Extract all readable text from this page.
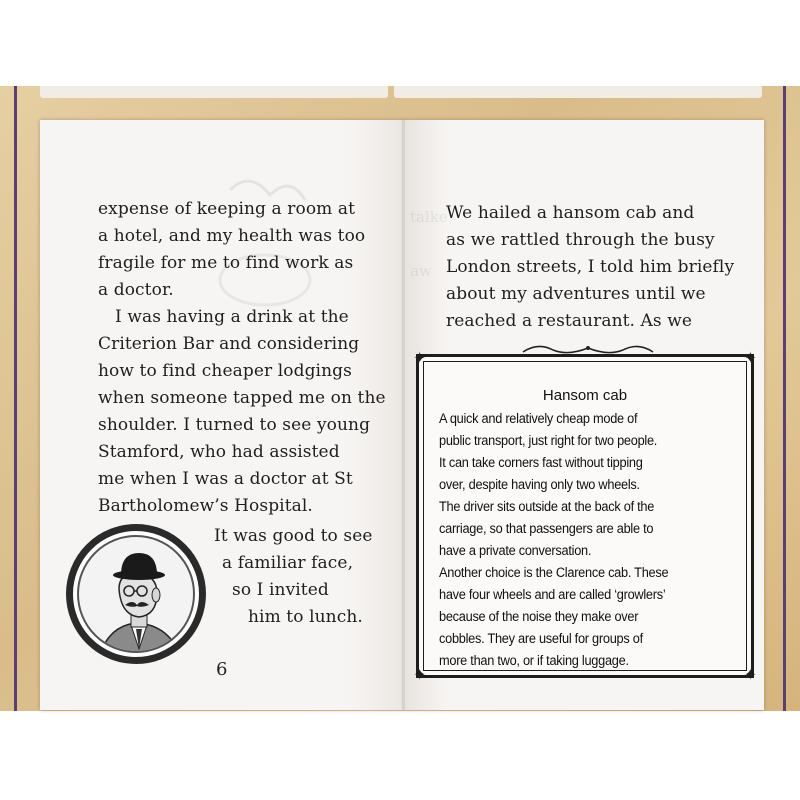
talke
aw
expense of keeping a room at
a hotel, and my health was too
fragile for me to find work as
a doctor.
I was having a drink at the
Criterion Bar and considering
how to find cheaper lodgings
when someone tapped me on the
shoulder. I turned to see young
Stamford, who had assisted
me when I was a doctor at St
Bartholomew’s Hospital.
It was good to see
a familiar face,
so I invited
him to lunch.
6
We hailed a hansom cab and
as we rattled through the busy
London streets, I told him briefly
about my adventures until we
reached a restaurant. As we
✦	✦
✦	✦
Hansom cab
A quick and relatively cheap mode of
public transport, just right for two people.
It can take corners fast without tipping
over, despite having only two wheels.
The driver sits outside at the back of the
carriage, so that passengers are able to
have a private conversation.
Another choice is the Clarence cab. These
have four wheels and are called ‘growlers’
because of the noise they make over
cobbles. They are useful for groups of
more than two, or if taking luggage.
